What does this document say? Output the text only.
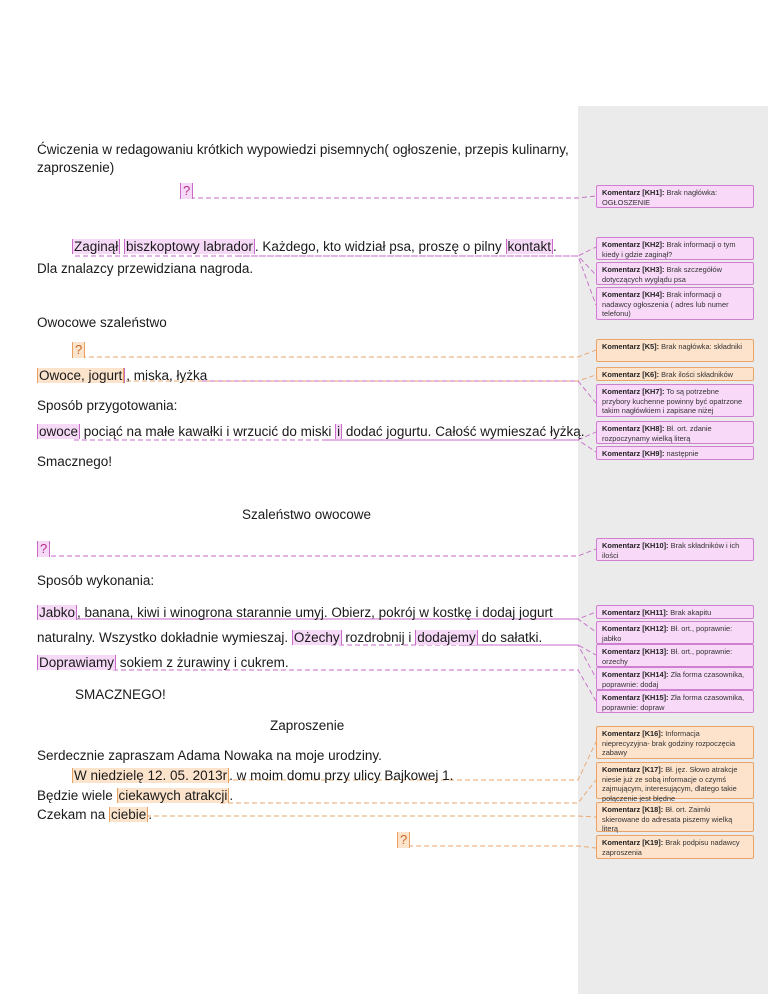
Ćwiczenia w redagowaniu krótkich wypowiedzi pisemnych( ogłoszenie, przepis kulinarny,
zaproszenie)
?
Zaginął biszkoptowy labrador . Każdego, kto widział psa, proszę o pilny kontakt .
Dla znalazcy przewidziana nagroda.
Owocowe szaleństwo
?
Owoce, jogurt , miska, łyżka
Sposób przygotowania:
owoce pociąć na małe kawałki i wrzucić do miski i dodać jogurtu. Całość wymieszać łyżką.
Smacznego!
Szaleństwo owocowe
?
Sposób wykonania:
Jabko , banana, kiwi i winogrona starannie umyj. Obierz, pokrój w kostkę i dodaj jogurt
naturalny. Wszystko dokładnie wymieszaj. Ożechy rozdrobnij i dodajemy do sałatki.
Doprawiamy sokiem z żurawiny i cukrem.
SMACZNEGO!
Zaproszenie
Serdecznie zapraszam Adama Nowaka na moje urodziny.
W niedzielę 12. 05. 2013r . w moim domu przy ulicy Bajkowej 1.
Będzie wiele ciekawych atrakcji .
Czekam na ciebie .
?
Komentarz [KH1]: Brak nagłówka: OGŁOSZENIE
Komentarz [KH2]: Brak informacji o tym kiedy i gdzie zaginął?
Komentarz [KH3]: Brak szczegółów dotyczących wyglądu psa
Komentarz [KH4]: Brak informacji o nadawcy ogłoszenia ( adres lub numer telefonu)
Komentarz [K5]: Brak nagłówka: składniki
Komentarz [K6]: Brak ilości składników
Komentarz [KH7]: To są potrzebne przybory kuchenne powinny być opatrzone takim nagłówkiem i zapisane niżej
Komentarz [KH8]: Bł. ort. zdanie rozpoczynamy wielką literą
Komentarz [KH9]: następnie
Komentarz [KH10]: Brak składników i ich ilości
Komentarz [KH11]: Brak akapitu
Komentarz [KH12]: Bł. ort., poprawnie: jabłko
Komentarz [KH13]: Bł. ort., poprawnie: orzechy
Komentarz [KH14]: Zła forma czasownika, poprawnie: dodaj
Komentarz [KH15]: Zła forma czasownika, poprawnie: dopraw
Komentarz [K16]: Informacja nieprecyzyjna- brak godziny rozpoczęcia zabawy
Komentarz [K17]: Bł. jęz. Słowo atrakcje niesie już ze sobą informacje o czymś zajmującym, interesującym, dlatego takie połączenie jest błędne
Komentarz [K18]: Bł. ort. Zaimki skierowane do adresata piszemy wielką literą
Komentarz [K19]: Brak podpisu nadawcy zaproszenia
